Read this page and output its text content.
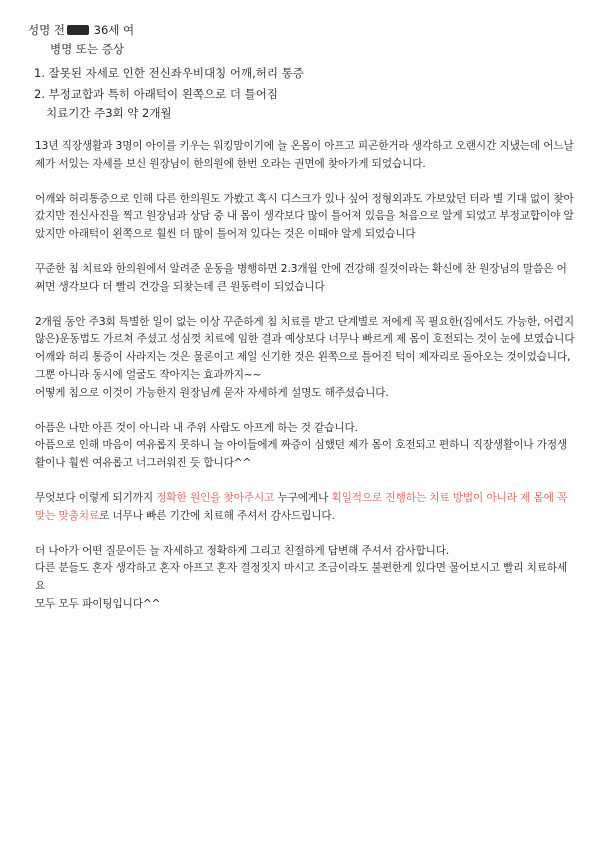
성명 전 36세 여
병명 또는 증상
1. 잘못된 자세로 인한 전신좌우비대칭 어깨,허리 통증
2. 부정교합과 특히 아래턱이 왼쪽으로 더 틀어짐
치료기간 주3회 약 2개월

13년 직장생활과 3명이 아이를 키우는 워킹맘이기에 늘 온몸이 아프고 피곤한거라 생각하고 오랜시간 지냈는데 어느날 제가 서있는 자세를 보신 원장님이 한의원에 한번 오라는 권면에 찾아가게 되었습니다.

어깨와 허리통증으로 인해 다른 한의원도 가봤고 혹시 디스크가 있나 싶어 정형외과도 가보았던 터라 별 기대 없이 찾아갔지만 전신사진을 찍고 원장님과 상담 중 내 몸이 생각보다 많이 틀어져 있음을 처음으로 알게 되었고 부정교합이야 알았지만 아래턱이 왼쪽으로 훨씬 더 많이 틀어져 있다는 것은 이때야 알게 되었습니다

꾸준한 침 치료와 한의원에서 알려준 운동을 병행하면 2.3개월 안에 건강해 질것이라는 확신에 찬 원장님의 말씀은 어쩌면 생각보다 더 빨리 건강을 되찾는데 큰 원동력이 되었습니다

2개월 동안 주3회 특별한 일이 없는 이상 꾸준하게 침 치료를 받고 단계별로 저에게 꼭 필요한(집에서도 가능한, 어렵지 않은)운동법도 가르쳐 주셨고 성심껏 치료에 임한 결과 예상보다 너무나 빠르게 제 몸이 호전되는 것이 눈에 보였습니다

어깨와 허리 통증이 사라지는 것은 물론이고 제일 신기한 것은 왼쪽으로 틀어진 턱이 제자리로 돌아오는 것이었습니다, 그뿐 아니라 동시에 얼굴도 작아지는 효과까지~~

어떻게 침으로 이것이 가능한지 원장님께 묻자 자세하게 설명도 해주셨습니다.

아픔은 나만 아픈 것이 아니라 내 주위 사람도 아프게 하는 것 같습니다.

아픔으로 인해 마음이 여유롭지 못하니 늘 아이들에게 짜증이 심했던 제가 몸이 호전되고 편하니 직장생활이나 가정생활이나 훨씬 여유롭고 너그러워진 듯 합니다^^

무엇보다 이렇게 되기까지 정확한 원인을 찾아주시고 누구에게나 획일적으로 진행하는 치료 방법이 아니라 제 몸에 꼭 맞는 맞춤치료로 너무나 빠른 기간에 치료해 주셔서 감사드립니다.

더 나아가 어떤 질문이든 늘 자세하고 정확하게 그리고 친절하게 답변해 주셔서 감사합니다.

다른 분들도 혼자 생각하고 혼자 아프고 혼자 결정짓지 마시고 조금이라도 불편한게 있다면 물어보시고 빨리 치료하세요

모두 모두 파이팅입니다^^
